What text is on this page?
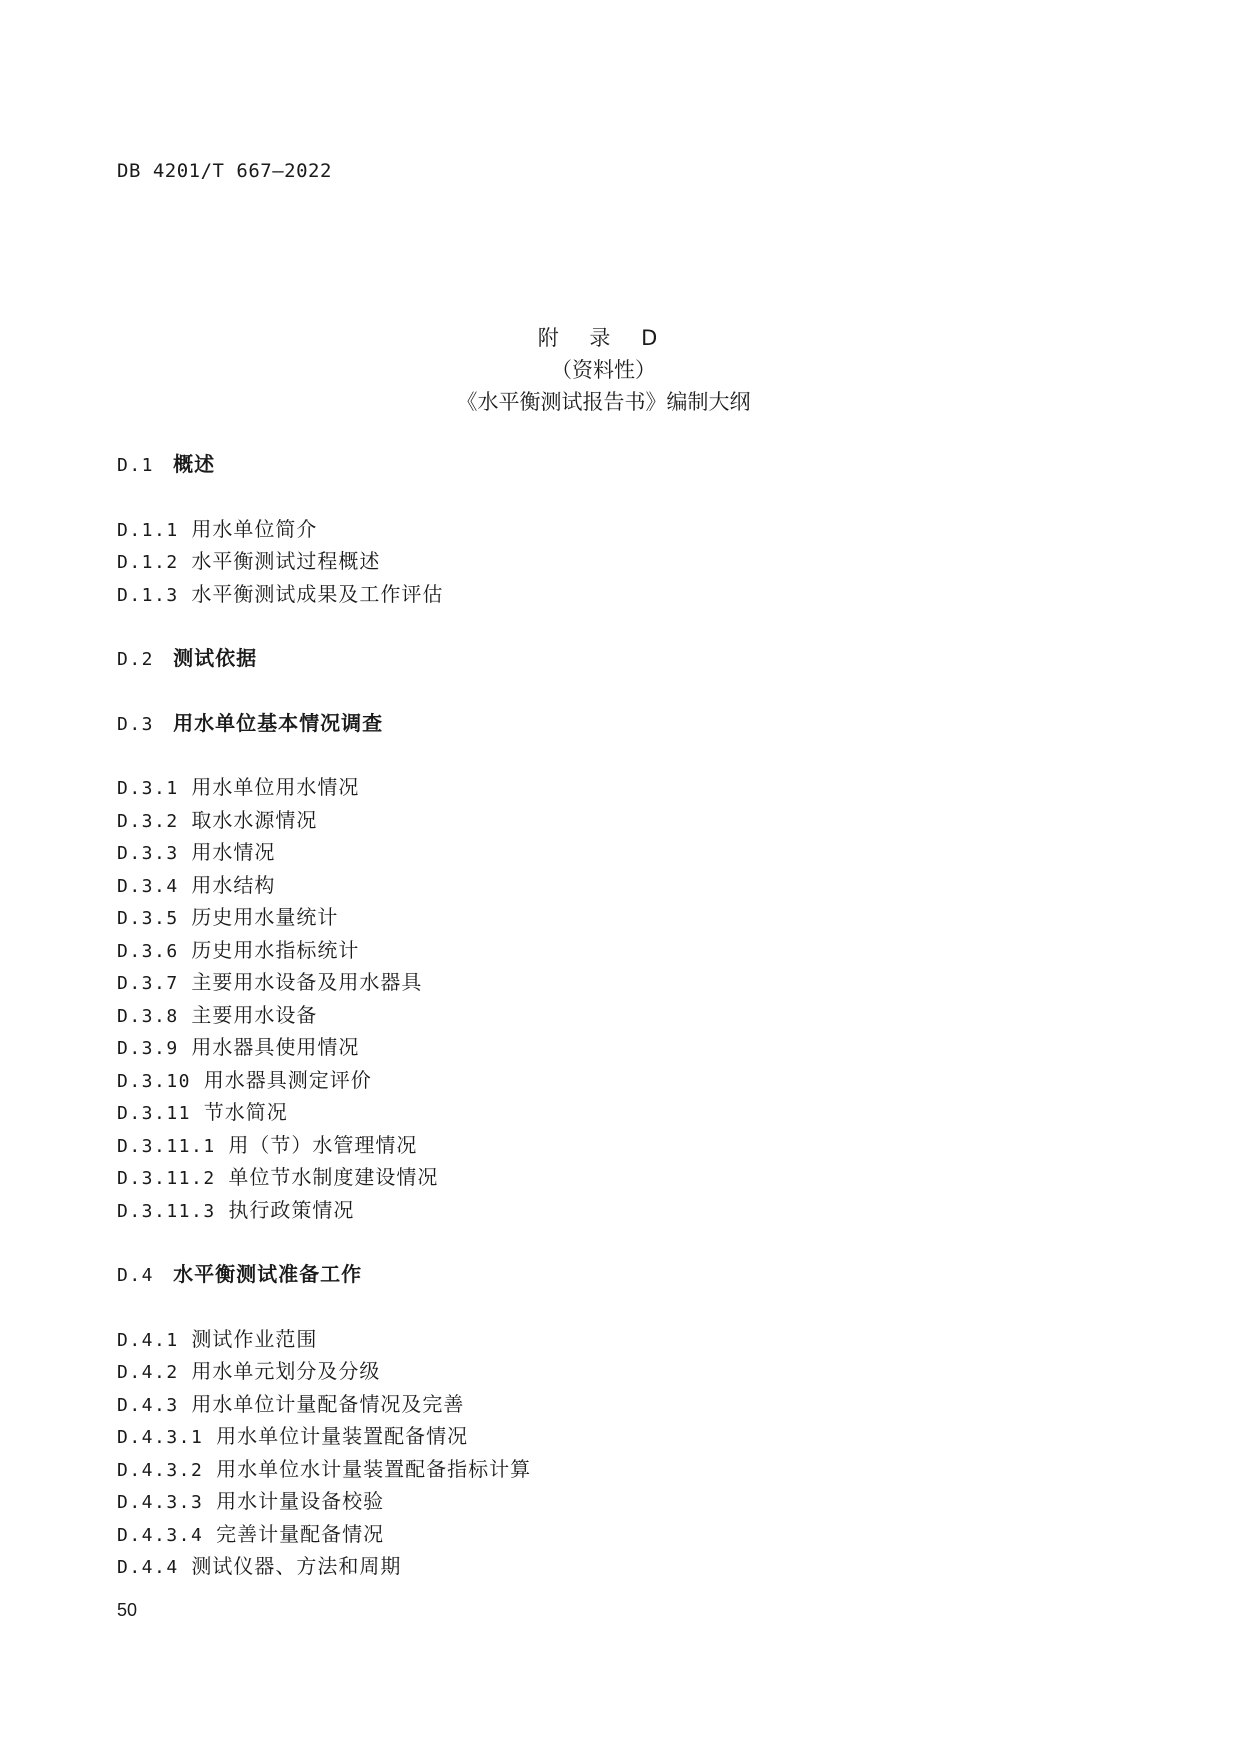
DB 4201/T 667—2022
附 录 D
（资料性）
《水平衡测试报告书》编制大纲
D.1 概述
D.1.1 用水单位简介
D.1.2 水平衡测试过程概述
D.1.3 水平衡测试成果及工作评估
D.2 测试依据
D.3 用水单位基本情况调查
D.3.1 用水单位用水情况
D.3.2 取水水源情况
D.3.3 用水情况
D.3.4 用水结构
D.3.5 历史用水量统计
D.3.6 历史用水指标统计
D.3.7 主要用水设备及用水器具
D.3.8 主要用水设备
D.3.9 用水器具使用情况
D.3.10 用水器具测定评价
D.3.11 节水简况
D.3.11.1 用（节）水管理情况
D.3.11.2 单位节水制度建设情况
D.3.11.3 执行政策情况
D.4 水平衡测试准备工作
D.4.1 测试作业范围
D.4.2 用水单元划分及分级
D.4.3 用水单位计量配备情况及完善
D.4.3.1 用水单位计量装置配备情况
D.4.3.2 用水单位水计量装置配备指标计算
D.4.3.3 用水计量设备校验
D.4.3.4 完善计量配备情况
D.4.4 测试仪器、方法和周期
50
